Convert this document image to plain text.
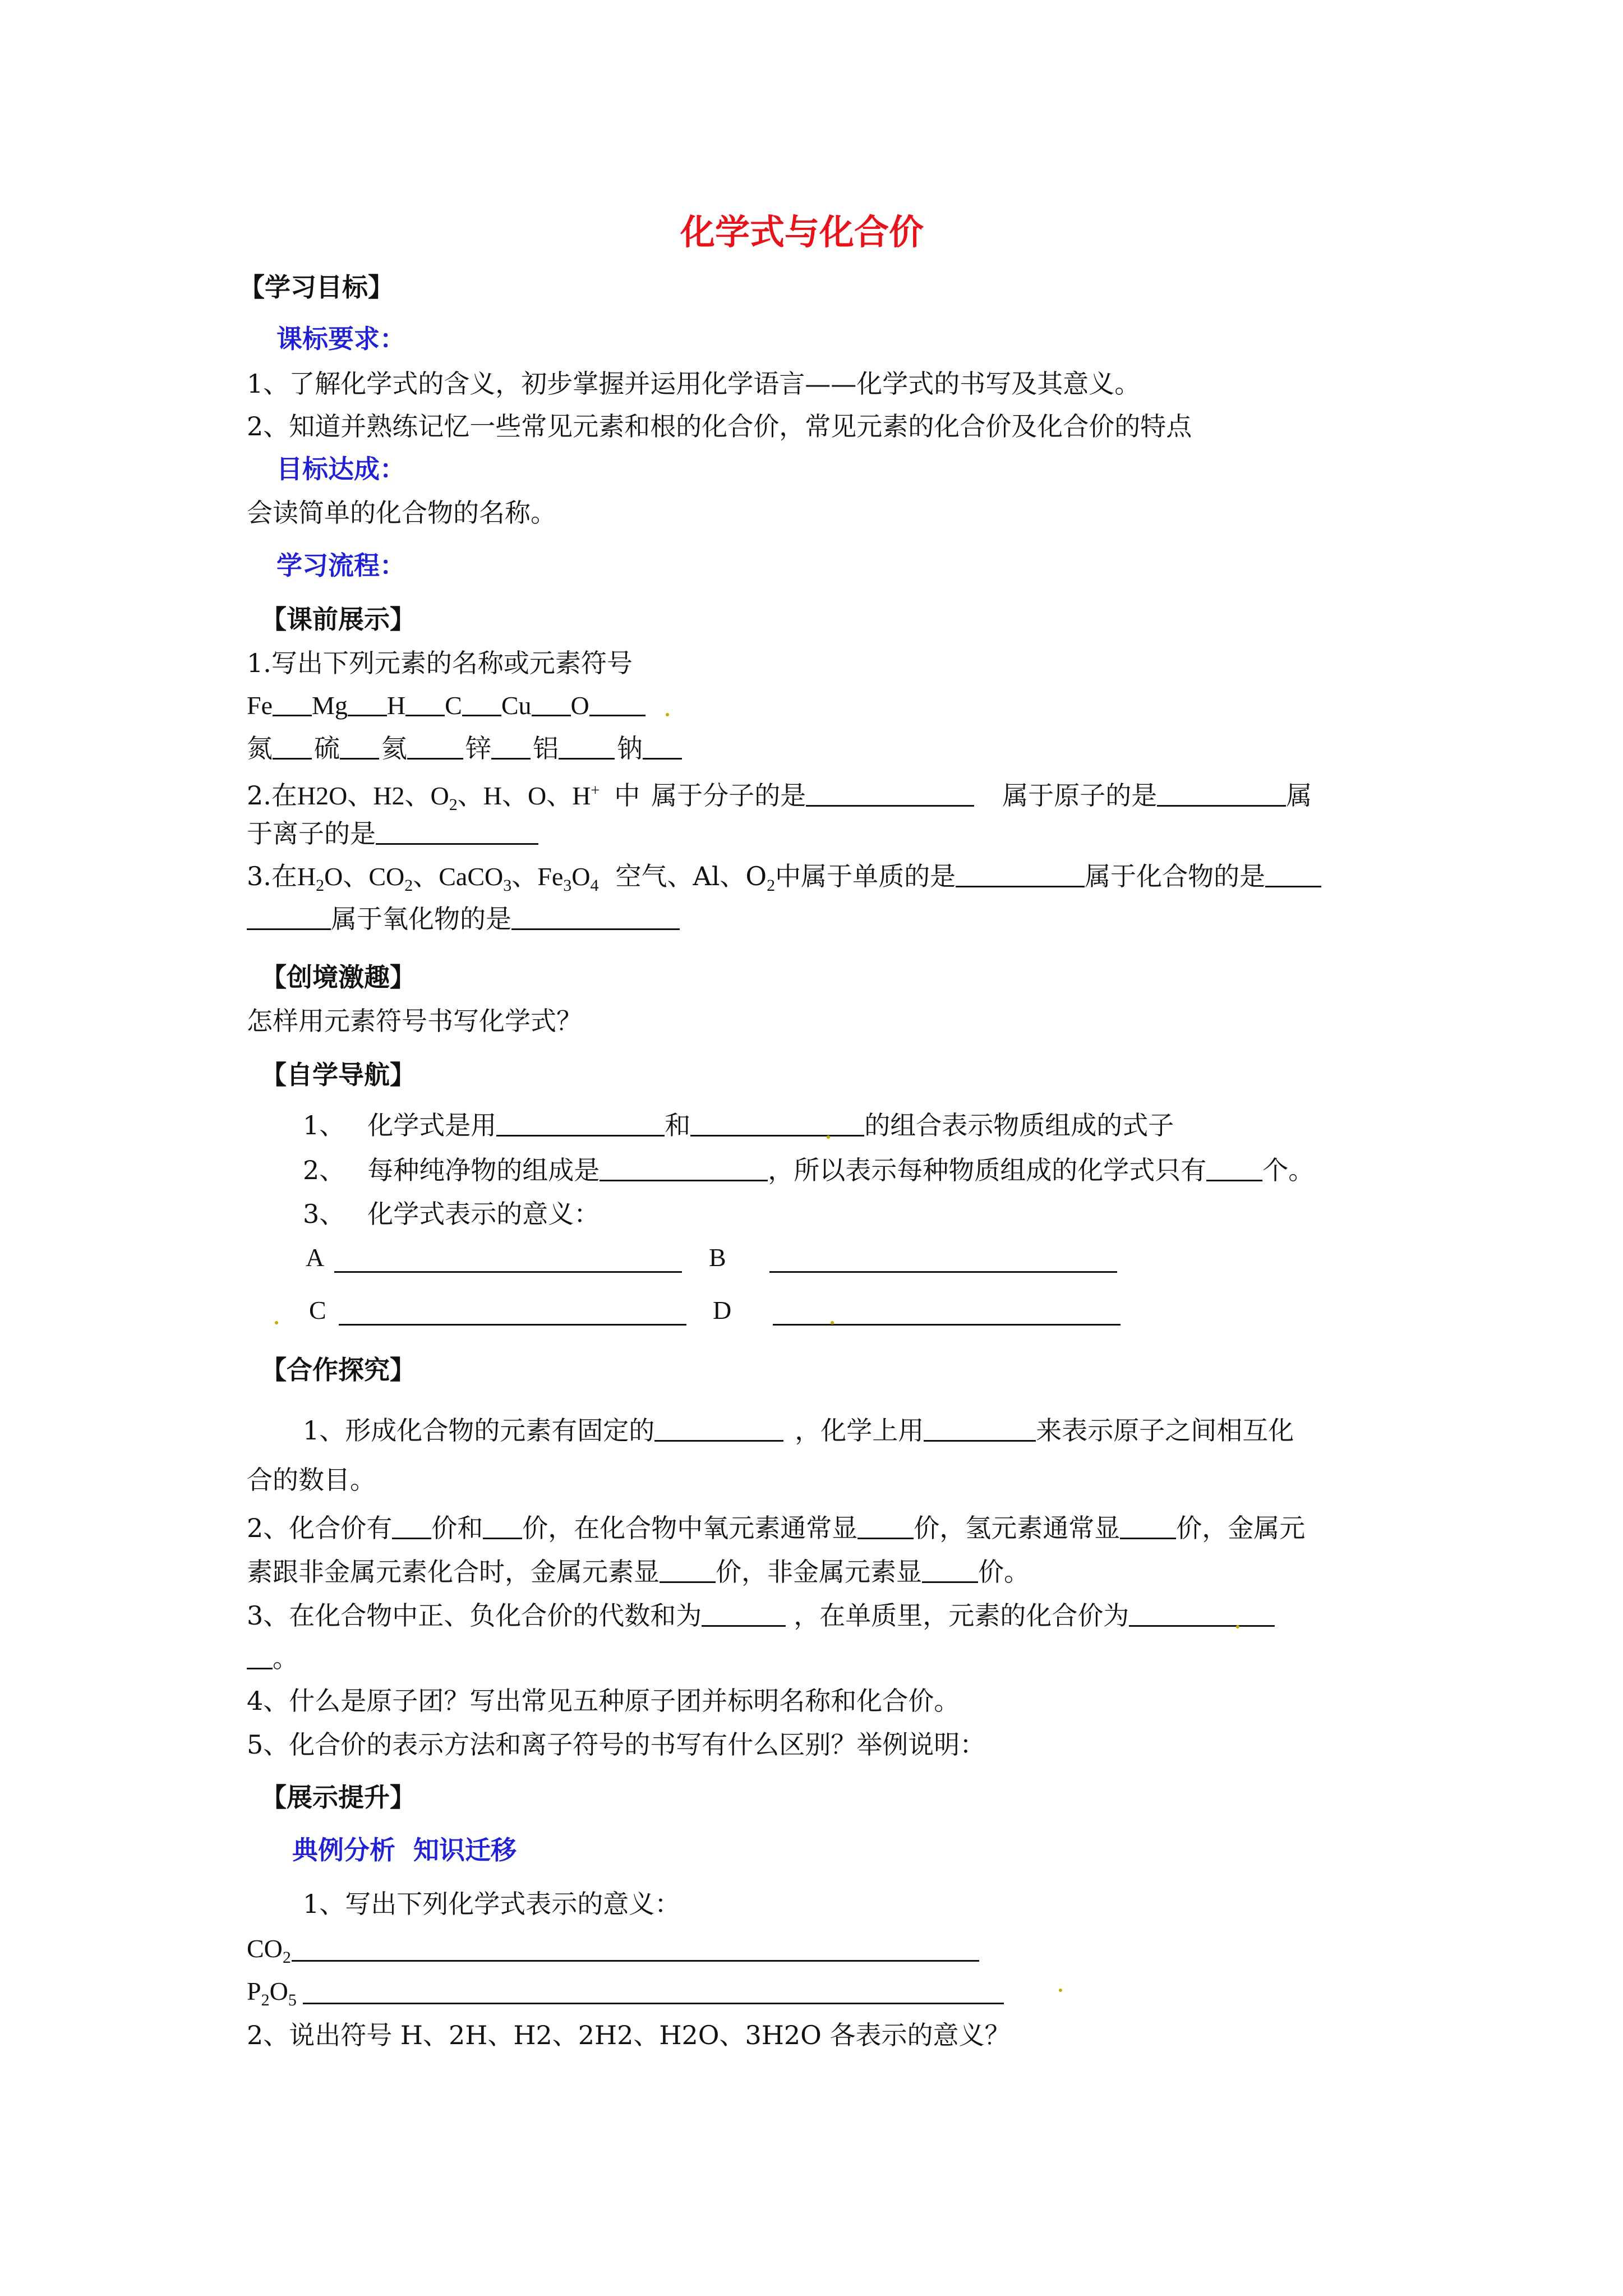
化学式与化合价
【学习目标】
课标要求：
1、了解化学式的含义，初步掌握并运用化学语言——化学式的书写及其意义。
2、知道并熟练记忆一些常见元素和根的化合价，常见元素的化合价及化合价的特点
目标达成：
会读简单的化合物的名称。
学习流程：
【课前展示】
1.写出下列元素的名称或元素符号
Fe Mg H C Cu O
氮 硫 氦 锌 铝 钠
2.在H2O、H2、$O_2$、H、O、H+ 中 属于分子的是	属于原子的是	属
于离子的是
3.在$H_2O$、$CO_2$、CaCO$_3$、$Fe_3O_4$ 空气、Al、$O_2$中属于单质的是	属于化合物的是
属于氧化物的是
【创境激趣】
怎样用元素符号书写化学式？
【自学导航】
1、 化学式是用	和	的组合表示物质组成的式子
2、 每种纯净物的组成是	，所以表示每种物质组成的化学式只有 个。
3、 化学式表示的意义：
A	B
C	D
【合作探究】
1、形成化合物的元素有固定的	，化学上用	来表示原子之间相互化
合的数目。
2、化合价有 价和 价，在化合物中氧元素通常显 价，氢元素通常显 价，金属元
素跟非金属元素化合时，金属元素显 价，非金属元素显 价。
3、在化合物中正、负化合价的代数和为	，在单质里，元素的化合价为
。
4、什么是原子团？写出常见五种原子团并标明名称和化合价。
5、化合价的表示方法和离子符号的书写有什么区别？举例说明：
【展示提升】
典例分析  知识迁移
1、写出下列化学式表示的意义：
$CO_2$
$P_2O_5$
2、说出符号 H、2H、H2、2H2、H2O、3H2O 各表示的意义？
